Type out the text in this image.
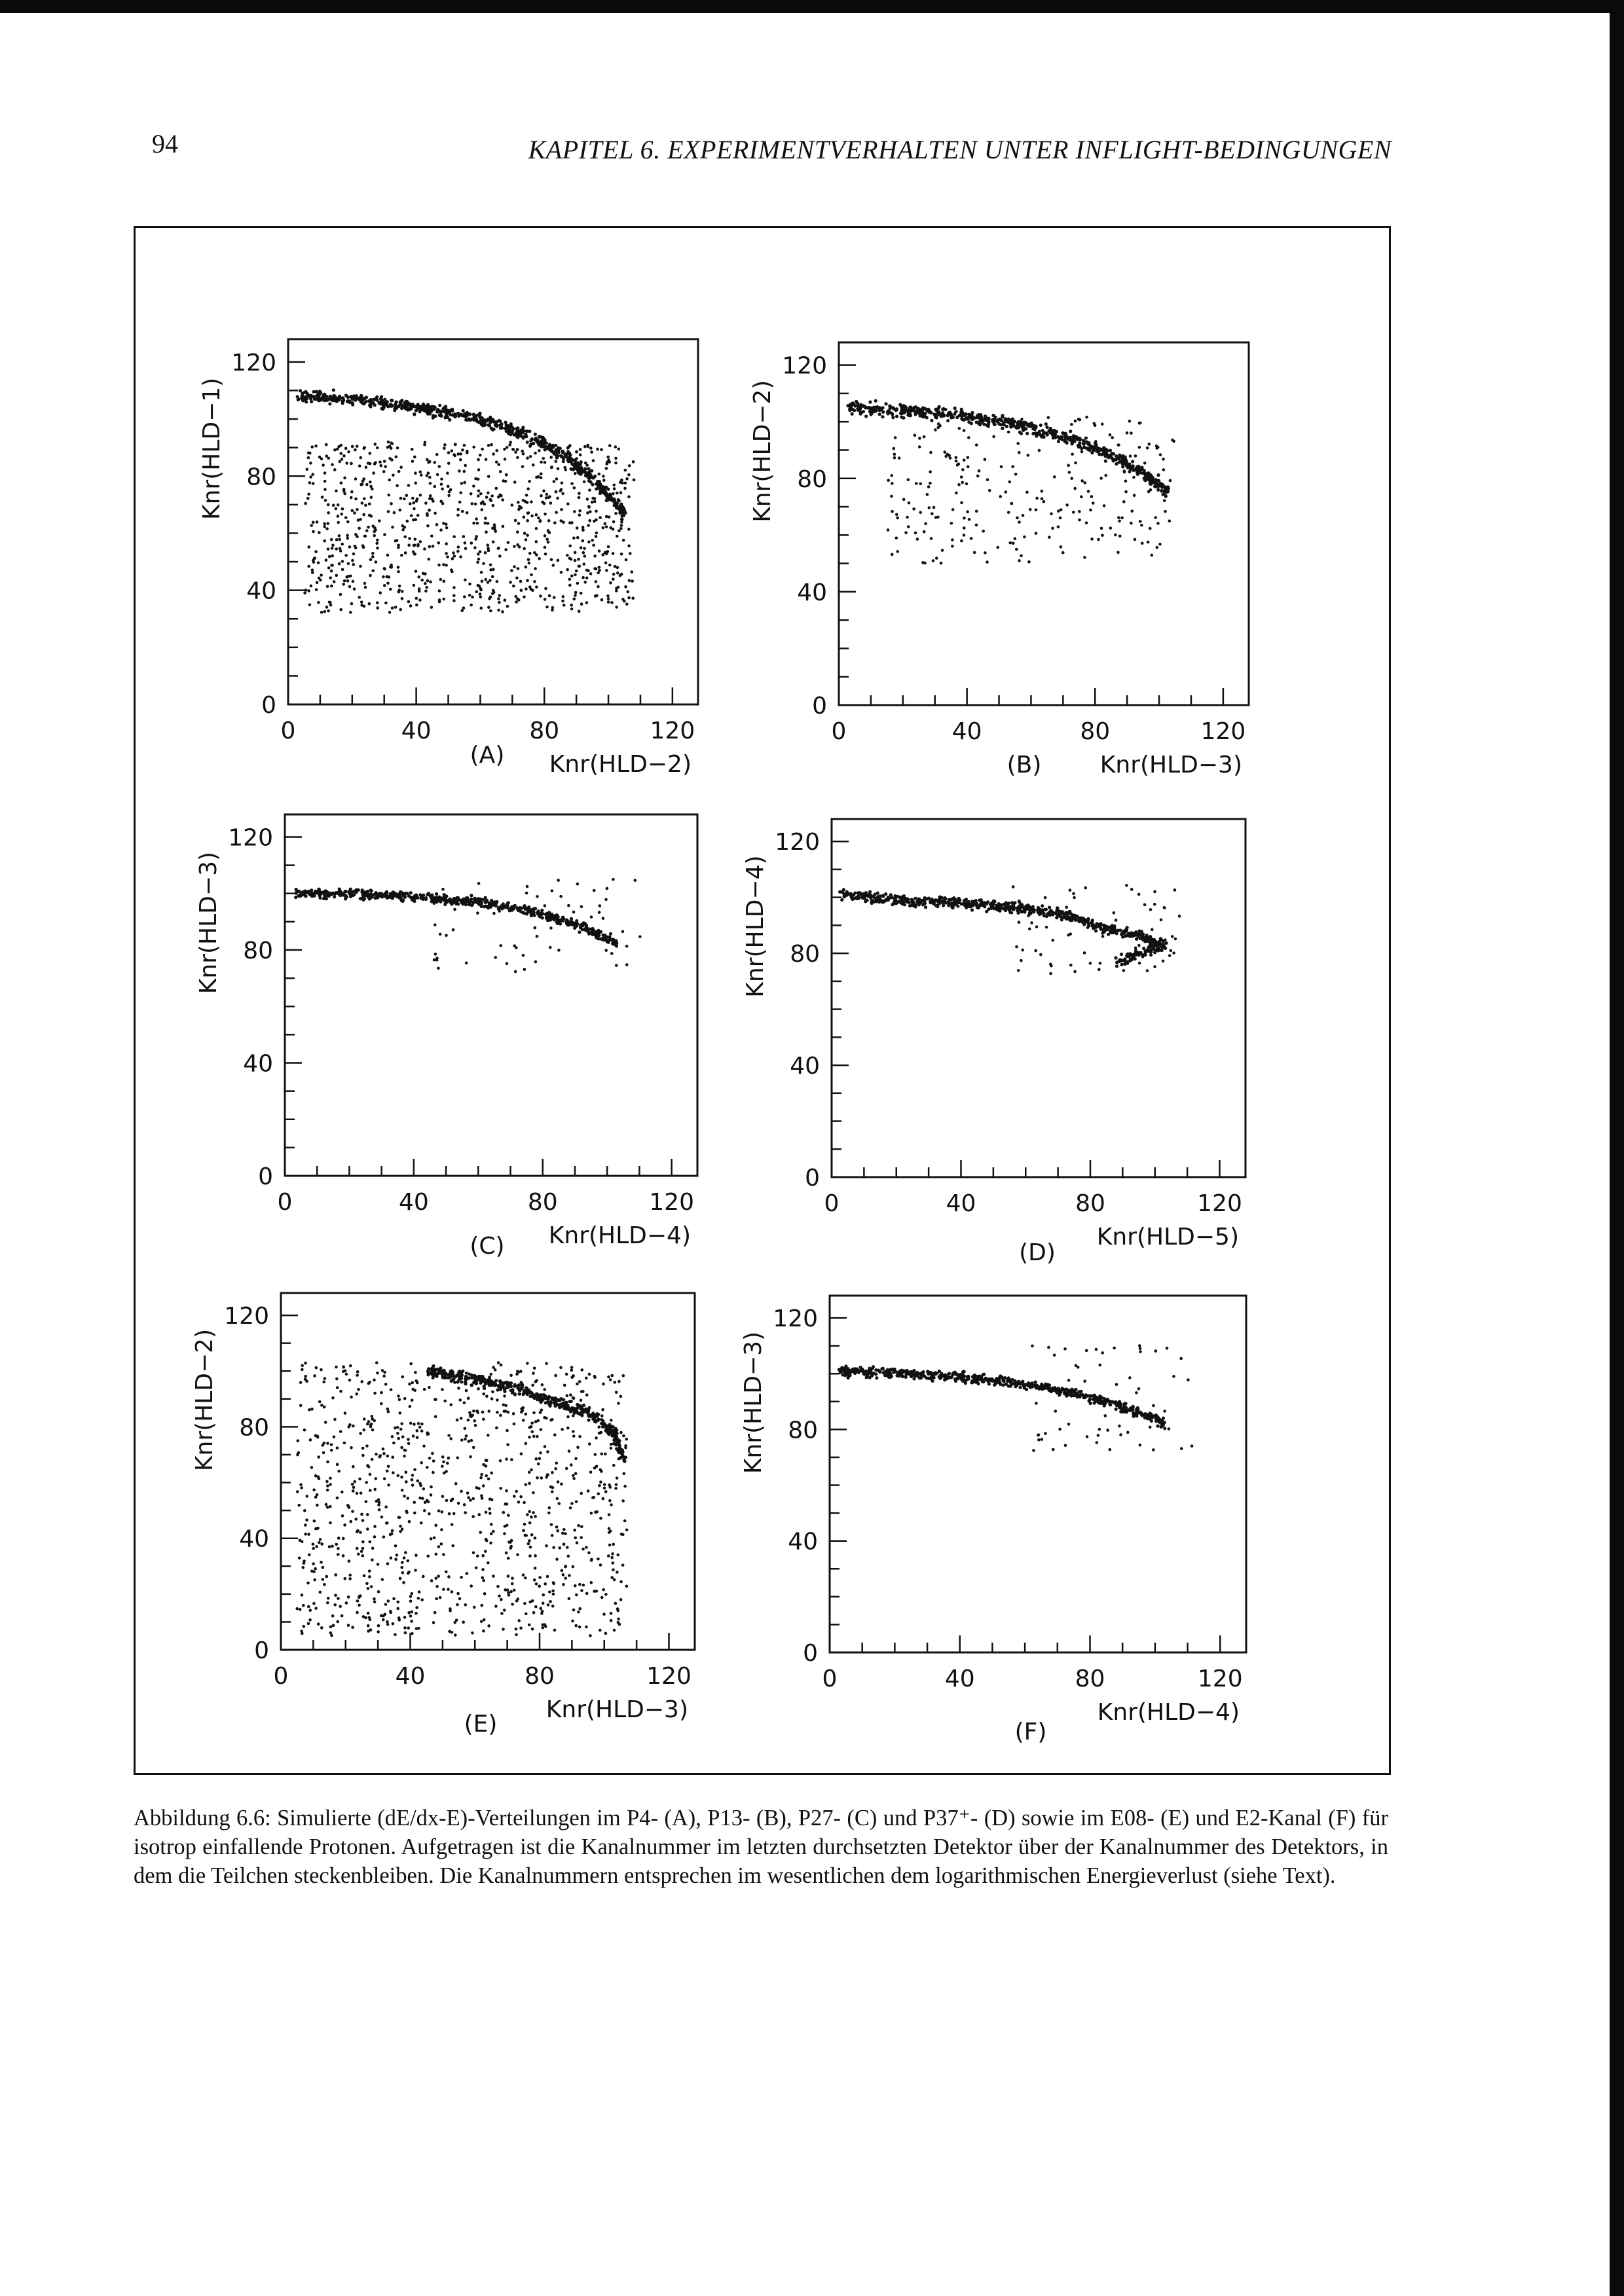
94	KAPITEL 6. EXPERIMENTVERHALTEN UNTER INFLIGHT-BEDINGUNGEN
0	40	80	120
0
40
80
120
Knr(HLD−2)
Knr(HLD−1)
(A)
0	40	80	120
0
40
80
120
Knr(HLD−3)
Knr(HLD−2)
(B)
0	40	80	120
0
40
80
120
Knr(HLD−4)
Knr(HLD−3)
(C)
0	40	80	120
0
40
80
120
Knr(HLD−5)
Knr(HLD−4)
(D)
0	40	80	120
0
40
80
120
Knr(HLD−3)
Knr(HLD−2)
(E)
0	40	80	120
0
40
80
120
Knr(HLD−4)
Knr(HLD−3)
(F)
Abbildung 6.6: Simulierte (dE/dx-E)-Verteilungen im P4- (A), P13- (B), P27- (C) und P37⁺- (D) sowie im E08- (E) und E2-Kanal (F) für isotrop einfallende Protonen. Aufgetragen ist die Kanalnummer im letzten durchsetzten Detektor über der Kanalnummer des Detektors, in dem die Teilchen steckenbleiben. Die Kanalnummern entsprechen im wesentlichen dem logarithmischen Energieverlust (siehe Text).
